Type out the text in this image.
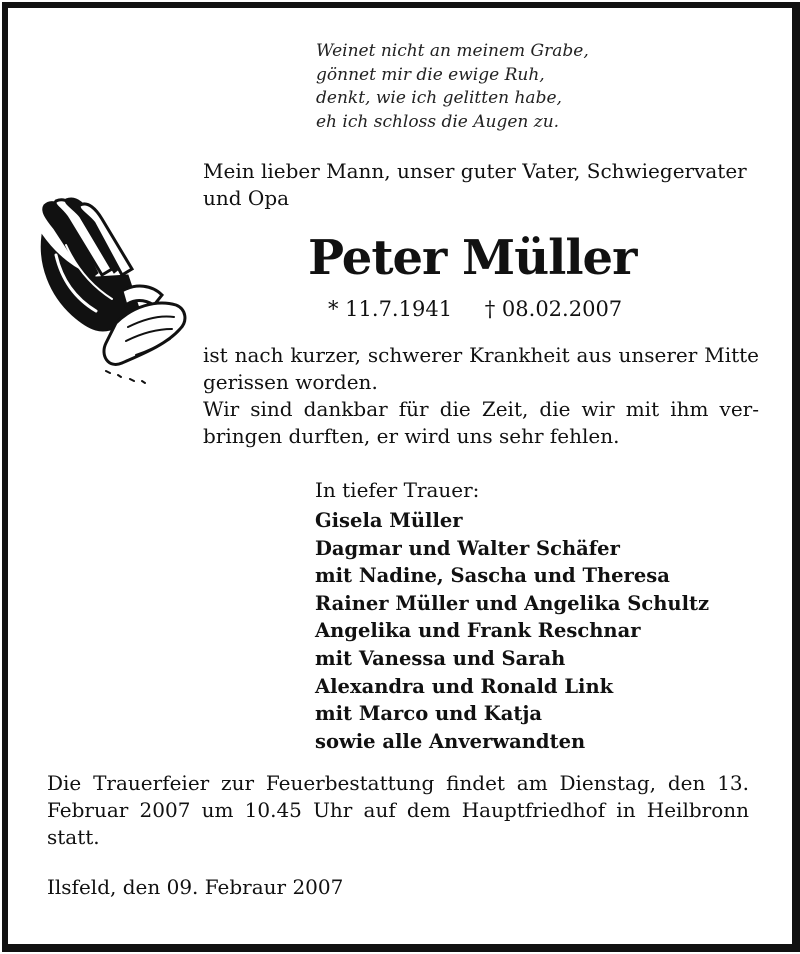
Weinet nicht an meinem Grabe,
gönnet mir die ewige Ruh,
denkt, wie ich gelitten habe,
eh ich schloss die Augen zu.
Mein lieber Mann, unser guter Vater, Schwiegervater und Opa
Peter Müller
* 11.7.1941 † 08.02.2007

ist nach kurzer, schwerer Krankheit aus unserer Mitte gerissen worden.

Wir sind dankbar für die Zeit, die wir mit ihm verbringen durften, er wird uns sehr fehlen.

In tiefer Trauer:
Gisela Müller
Dagmar und Walter Schäfer
mit Nadine, Sascha und Theresa
Rainer Müller und Angelika Schultz
Angelika und Frank Reschnar
mit Vanessa und Sarah
Alexandra und Ronald Link
mit Marco und Katja
sowie alle Anverwandten
Die Trauerfeier zur Feuerbestattung findet am Dienstag, den 13. Februar 2007 um 10.45 Uhr auf dem Hauptfriedhof in Heilbronn statt.
Ilsfeld, den 09. Febraur 2007
